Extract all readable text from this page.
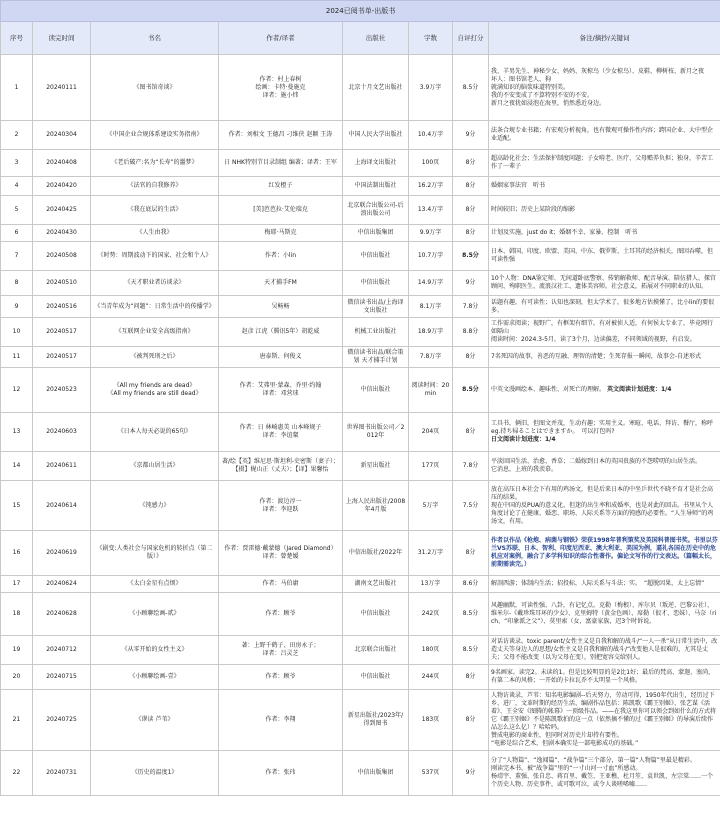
2024已阅书单-出版书							
序号	读完时间	书名	作者/译者	出版社	字数	自评打分	备注/摘抄/关键词
1	20240111	《图书馆奇谈》	作者：村上春树
绘画：卡特·曼施克
译者：施小炜	北京十月文艺出版社	3.9万字	8.5分	我、羊男先生、神秘少女、妈妈、灰椋鸟（少女椋鸟）、皮鞋、柳树枝、新月之夜
坏人：图书馆老人、狗
就满知识的脑浆味道特别美。
我的不安变成了不算特别不安的不安。
新月之夜犹如浸泡在海里，悄然悉近身边。
2	20240304	《中国企业合规体系建设实务指南》	作者：刘相文 王德昌 刁维侠 赵颖 王涛	中国人民大学出版社	10.4万字	9分	法条合规专业书籍；有宏观分析视角，也有微观可操作性内容；跨国企业、大中型企业适配。
3	20240408	《老后破产:名为“长寿”的噩梦》	日 NHK特别节目录制组 编著；译者：王军	上海译文出版社	100页	8分	超高龄化社会；生活保护制度问题；子女啃老、医疗、父母赡养负担；独身，辛苦工作了一辈子
4	20240420	《法官的自我修养》	红发橙子	中国法制出版社	16.2万字	8分	婚姻家事法官　听书
5	20240425	《我在底层的生活》	[美]芭芭拉·艾伦瑞克	北京联合出版公司-后浪出版公司	13.4万字	8分	时间较旧；历史上某阶段的缩影
6	20240430	《人生由我》	梅耶·马斯克	中信出版集团	9.9万字	8分	计划及实施，just do it；婚姻不幸、家暴、控制　听书
7	20240508	《时势：周期波动下的国家、社会和个人》	作者：小lin	中信出版社	10.7万字	8.5分	日本、韩国、印度、欧盟、美国、中东、俄罗斯、土耳其的经济相关，图因吞噬，但可读性强
8	20240510	《天才职业者访谈录》	天才捕手FM	中信出版社	14.9万字	9分	10个人物：DNA鉴定师、无间道卧底警察、传销解救师、配音导演、陪伍猎人、探宫顾问、殉职医生、流浪汉社工、遗体美容师。社会意义，拓展对不同职业的认知。
9	20240516	《当青年成为“问题”：日常生活中的传播学》	吴畅畅	微信读书出品/上海译文出版社	8.1万字	7.8分	话题有趣，有可读性；认知也深刻，但太学术了，很多地方估摸懂了，比小lin的要很多。
10	20240517	《互联网企业安全高级指南》	赵彦 江虎（腾讯5年）胡乾威	机械工业出版社	18.9万字	8.8分	工作需求阅读；视野广，有框架有细节。有对被侦人适，有何侯太专业了，毕竟网行如隔山
阅读时间：2024.3-5月，读了3个月，边读偏差，不同领域的视野，有启发。
11	20240517	《被判死刑之后》	唐泰斯、何俊义	微信读书出品/联合策划 天才捕手计划	7.8万字	8分	7名死囚的故事，善恶的互融、理智的清楚；生死存报一瞬间，故事会-自述形式
12	20240523	《All my friends are dead》
《All my friends are still dead》	作者：艾弗里·蒙森、乔里·约翰
译者：邓营球	中信出版社	阅读时间：20min	8.5分	中英文漫画绘本、趣味性、对死亡的理解。 英文阅读计划进度：1/4
13	20240603	《日本人每天必说的65句》	作者：日 林崎惠美 山本峰规子
译者：李谊粲	世界图书出版公司／2012年	204页	8分	工具书，俩旧，但图文并茂，生动有趣；实用主义。寒暄、电话、拜访、餐厅，称呼
eg.持ち帰ることはできますか。　可以打包吗?
日文阅读计划进度：1/4
14	20240611	《京都山居生活》	著/绘【英】维尼思·斯坦利-史密斯（妻子）；【摄】梶山正（丈夫）；【译】果馨怡	新星出版社	177页	7.8分	平淡回国生活、治愈、香草；二婚嫁到日本的英国贵族的不怨唠叨的山居生活。
它消息，上班的我羡慕。
15	20240614	《钝感力》	作者：渡边淳一
译者：李迎跃	上海人民出版社/2008年4月版	5万字	7.5分	放在高压日本社会下有用的鸡汤文，但是后来日本的中坐乒世代不晓不育才是社会高压的结果。
现在中国的反PUA的意义化，但迷的出生率和成婚率，也是对此的回击。书里从个人角度讨论了在健康、婚恋、职场、人际关系等方面的钝感的必要性。“人生导师”的鸡汤文，有用。
16	20240619	《剧变:人类社会与国家危机的转折点（第二版）》	作者：贾雷德·戴蒙德（Jared Diamond）
译者：曾楚媛	中信出版社/2022年	31.2万字	8分	作者以作品《枪炮、病菌与钢铁》荣获1998年普利策奖及英国科普图书奖。书里以芬兰VS苏联、日本、智利、印度尼西亚、澳大利亚、美国为例，逼礼各国在历史中的危机应对案例，融合了多学科知识的综合性著作。偏论文写作的行文表达。（篇幅太长，前期需读完。）
17	20240624	《太白金星有点烦》	作者：马伯庸	湖南文艺出版社	13万字	8.6分	解剖西游；体制内生活；招投标，人际关系与斗法；实。　“超脱因果，太上忘情”
18	20240628	《小顾聊绘画-贰》	作者：顾爷	中信出版社	242页	8.5分	风趣幽默，可读性强、八卦，有记忆点。克勒（梅根）、库尔贝（叛逆、巴黎公社）、维米尔-《戴珍珠耳环的少女》、克里姆特（黄金色画）、席勒（很才、恋妹）、马奈（rich，“印象派之父”）、莫里索（女，富豪家族，迟3个时诉说。
19	20240712	《从零开始的女性主义》	著：上野千鹤子、田房永子；
译者：吕灵芝	北京联合出版社	180页	8.5分	对话访谈录。toxic parent/女性主义是自我和解的战斗/“一人一杀”从日常生活中，改造丈夫等身边人的思想/女性主义是自我和解的战斗/“改变他人是很难的，尤其是丈夫；父母不能改变（以为父母在变），别把宽容交给别人。
20	20240715	《小顾聊绘画-壹》	作者：顾爷	中信出版社	244页	8分	9名画家。读完2。未读的1。但是比较明显的是2比1好；最后的梵高、蒙迦、塞尚，有第二本的风格；一开始的卡拉瓦乔不太明显一个风格。
21	20240725	《谬读 芦苇》	作者：李翔	新星出版社/2023年/得到图书	183页	8分	人物访谈录，芦苇：知名电影编剧--后天努力，劳动可得，1950年代出生，经历过下乡、进厂，文革时期的经历生活、编剧作品包括：陈凯歌《霸王别姬》、张艺谋《活着》、王全安《图腾的帐幕》一顶级作品。——在我这里你可以领会到如什么的方式将它《霸王别姬》不是陈凯歌拍的这一点（依然摘不懂的过《霸王别姬》的导演后续作品怎么这么亿）？哈哈吗。
赞成电影的商业性，但同时对历史片却持有要性。
“电影是综合艺术，但剧本确实是一部电影成功的基础。”
22	20240731	《历史的温度1》	作者：张玮	中信出版集团	537页	9分	分了“人物篇”、“逸闻篇”、“战争篇”三个部分，第一篇“人物篇”里最是精彩。
刚读完本书，被“战争篇”里的“一寸山河一寸血”所感动。
杨靖宇、董强、张自忠、蒋百里、戴笠、王亚樵、杜月笙、袁世凯、左宗棠……一个个历史人物、历史事件，或可歌可泣，或令人谈嗟唏嘘……
